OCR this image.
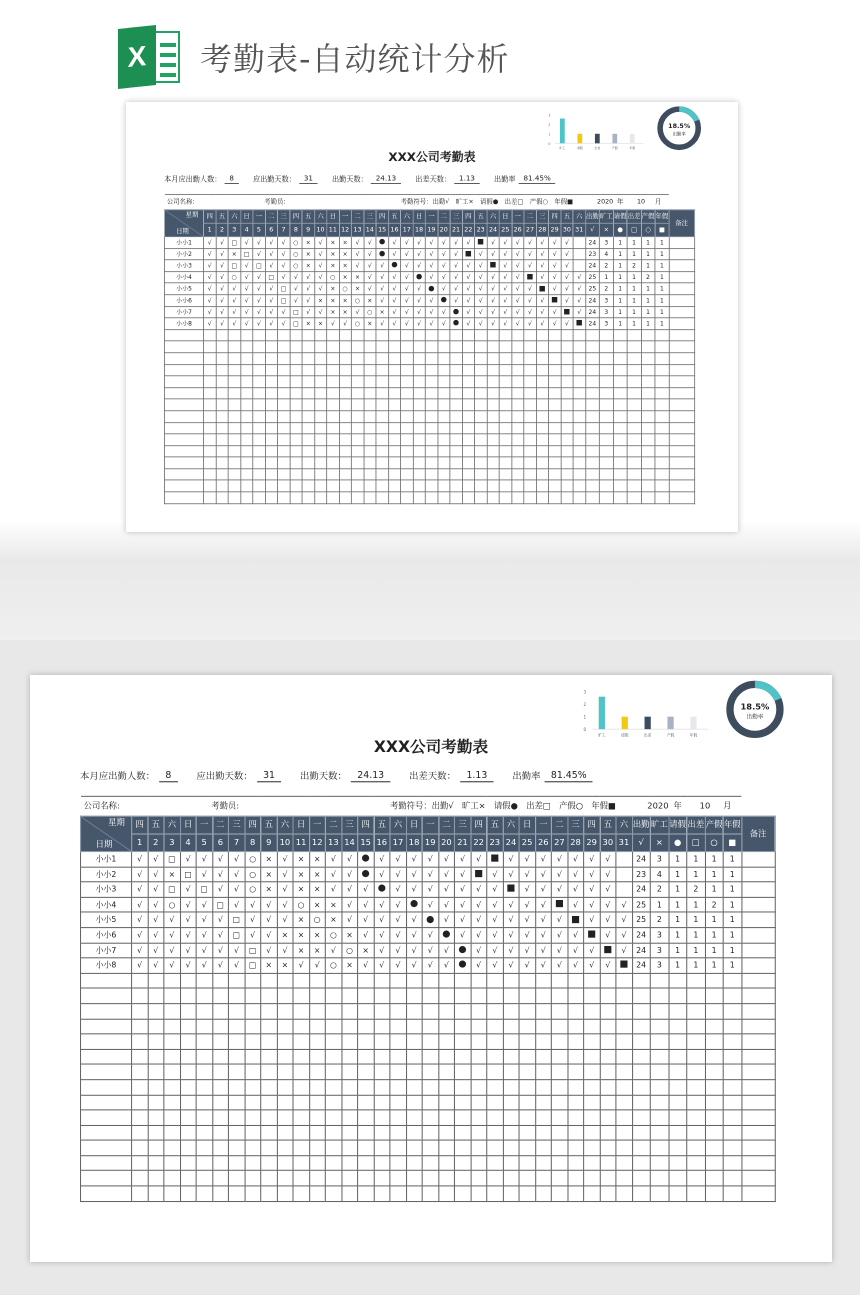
X	考勤表-自动统计分析
XXX公司考勤表
本月应出勤人数： 8	应出勤天数： 31	出勤天数： 24.13	出差天数： 1.13	出勤率 81.45%
3
2
1
0
旷工	请假	出差	产假	年假
18.5%
出勤率
公司名称:				考勤员:										考勤符号：出勤√　旷工×　请假●　出差□　产假○　年假■																	2020			年	10		月	

星期
日期	四	五	六	日	一	二	三	四	五	六	日	一	二	三	四	五	六	日	一	二	三	四	五	六	日	一	二	三	四	五	六	出勤	旷工	请假	出差	产假	年假	备注
	1	2	3	4	5	6	7	8	9	10	11	12	13	14	15	16	17	18	19	20	21	22	23	24	25	26	27	28	29	30	31	√	×	●	□	○	■	
小小1	√	√	□	√	√	√	√	○	×	√	×	×	√	√	●	√	√	√	√	√	√	√	■	√	√	√	√	√	√	√		24	3	1	1	1	1	
小小2	√	√	×	□	√	√	√	○	×	√	×	×	√	√	●	√	√	√	√	√	√	■	√	√	√	√	√	√	√	√		23	4	1	1	1	1	
小小3	√	√	□	√	□	√	√	○	×	√	×	×	√	√	√	●	√	√	√	√	√	√	√	■	√	√	√	√	√	√		24	2	1	2	1	1	
小小4	√	√	○	√	√	□	√	√	√	√	○	×	×	√	√	√	√	●	√	√	√	√	√	√	√	√	■	√	√	√	√	25	1	1	1	2	1	
小小5	√	√	√	√	√	√	□	√	√	√	×	○	×	√	√	√	√	√	●	√	√	√	√	√	√	√	√	■	√	√	√	25	2	1	1	1	1	
小小6	√	√	√	√	√	√	□	√	√	×	×	×	○	×	√	√	√	√	√	●	√	√	√	√	√	√	√	√	■	√	√	24	3	1	1	1	1	
小小7	√	√	√	√	√	√	√	□	√	√	×	×	√	○	×	√	√	√	√	√	●	√	√	√	√	√	√	√	√	■	√	24	3	1	1	1	1	
小小8	√	√	√	√	√	√	√	□	×	×	√	√	○	×	√	√	√	√	√	√	●	√	√	√	√	√	√	√	√	√	■	24	3	1	1	1	1	

XXX公司考勤表
本月应出勤人数：	8	应出勤天数：	31	出勤天数：	24.13	出差天数：	1.13	出勤率	81.45%
3
2
1
0
旷工	请假	出差	产假	年假
18.5%
出勤率
公司名称:				考勤员:										考勤符号：出勤√　旷工×　请假●　出差□　产假○　年假■																	2020			年	10		月	

星期
日期	四	五	六	日	一	二	三	四	五	六	日	一	二	三	四	五	六	日	一	二	三	四	五	六	日	一	二	三	四	五	六	出勤	旷工	请假	出差	产假	年假	备注
	1	2	3	4	5	6	7	8	9	10	11	12	13	14	15	16	17	18	19	20	21	22	23	24	25	26	27	28	29	30	31	√	×	●	□	○	■	
小小1	√	√	□	√	√	√	√	○	×	√	×	×	√	√	●	√	√	√	√	√	√	√	■	√	√	√	√	√	√	√		24	3	1	1	1	1	
小小2	√	√	×	□	√	√	√	○	×	√	×	×	√	√	●	√	√	√	√	√	√	■	√	√	√	√	√	√	√	√		23	4	1	1	1	1	
小小3	√	√	□	√	□	√	√	○	×	√	×	×	√	√	√	●	√	√	√	√	√	√	√	■	√	√	√	√	√	√		24	2	1	2	1	1	
小小4	√	√	○	√	√	□	√	√	√	√	○	×	×	√	√	√	√	●	√	√	√	√	√	√	√	√	■	√	√	√	√	25	1	1	1	2	1	
小小5	√	√	√	√	√	√	□	√	√	√	×	○	×	√	√	√	√	√	●	√	√	√	√	√	√	√	√	■	√	√	√	25	2	1	1	1	1	
小小6	√	√	√	√	√	√	□	√	√	×	×	×	○	×	√	√	√	√	√	●	√	√	√	√	√	√	√	√	■	√	√	24	3	1	1	1	1	
小小7	√	√	√	√	√	√	√	□	√	√	×	×	√	○	×	√	√	√	√	√	●	√	√	√	√	√	√	√	√	■	√	24	3	1	1	1	1	
小小8	√	√	√	√	√	√	√	□	×	×	√	√	○	×	√	√	√	√	√	√	●	√	√	√	√	√	√	√	√	√	■	24	3	1	1	1	1	
